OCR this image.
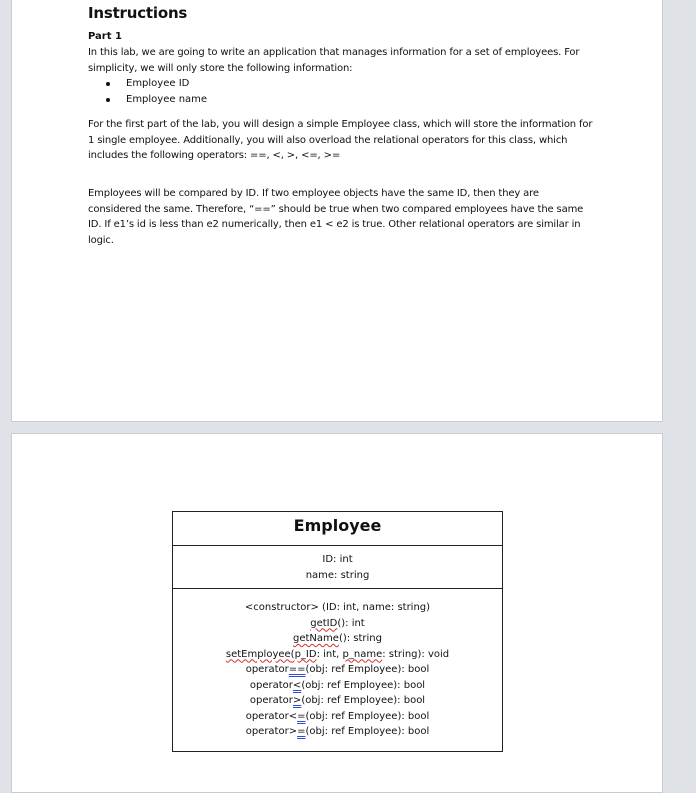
Instructions
Part 1
In this lab, we are going to write an application that manages information for a set of employees. For simplicity, we will only store the following information:
Employee ID
Employee name
For the first part of the lab, you will design a simple Employee class, which will store the information for 1 single employee. Additionally, you will also overload the relational operators for this class, which includes the following operators: ==, <, >, <=, >=
Employees will be compared by ID. If two employee objects have the same ID, then they are considered the same. Therefore, “==” should be true when two compared employees have the same ID. If e1’s id is less than e2 numerically, then e1 < e2 is true. Other relational operators are similar in logic.
Employee
ID: int
name: string
<constructor> (ID: int, name: string)
getID(): int
getName(): string
setEmployee(p_ID: int, p_name: string): void
operator==(obj: ref Employee): bool
operator<(obj: ref Employee): bool
operator>(obj: ref Employee): bool
operator<=(obj: ref Employee): bool
operator>=(obj: ref Employee): bool
